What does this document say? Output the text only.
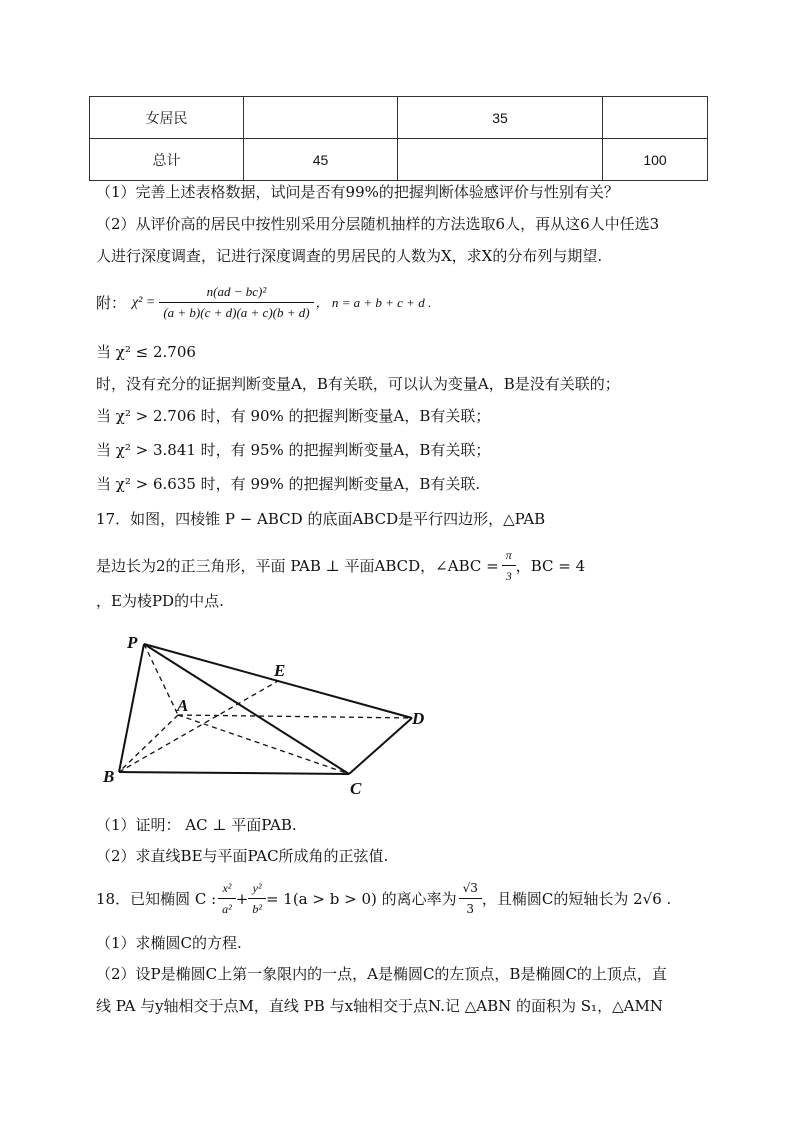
女居民		35	
总计	45		100
（1）完善上述表格数据，试问是否有99%的把握判断体验感评价与性别有关？
（2）从评价高的居民中按性别采用分层随机抽样的方法选取6人，再从这6人中任选3
人进行深度调查，记进行深度调查的男居民的人数为X，求X的分布列与期望.
附： $\chi^2 = \frac{\text{n(ad − bc)²}}{(a + b)(c + d)(a + c)(b + d)}$ ， n = a + b + c + d .
当 χ² ≤ 2.706
时，没有充分的证据判断变量A，B有关联，可以认为变量A，B是没有关联的；
当 χ² > 2.706 时，有 90% 的把握判断变量A，B有关联；
当 χ² > 3.841 时，有 95% 的把握判断变量A，B有关联；
当 χ² > 6.635 时，有 99% 的把握判断变量A，B有关联.
17．如图，四棱锥 P − ABCD 的底面ABCD是平行四边形，△PAB
是边长为2的正三角形，平面 PAB ⊥ 平面ABCD，∠ABC = $\frac{\pi}{3}$ ，BC = 4
，E为棱PD的中点.
P
E
A
D
B
C
（1）证明： AC ⊥ 平面PAB.
（2）求直线BE与平面PAC所成角的正弦值.
18．已知椭圆 C : $\frac{\text{x²}}{\text{a²}} + \frac{\text{y²}}{\text{b²}} = 1(a > b > 0)$ 的离心率为 $\frac{√3}{3}$ ，且椭圆C的短轴长为 2√6 .
（1）求椭圆C的方程.
（2）设P是椭圆C上第一象限内的一点，A是椭圆C的左顶点，B是椭圆C的上顶点，直
线 PA 与y轴相交于点M，直线 PB 与x轴相交于点N.记 △ABN 的面积为 S₁，△AMN
